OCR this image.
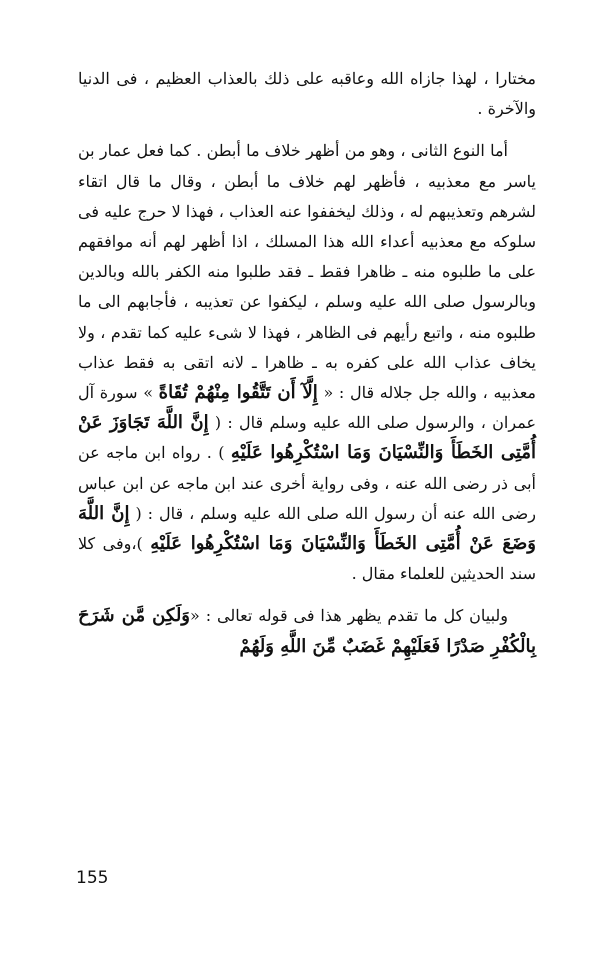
مختارا ، لهذا جازاه الله وعاقبه على ذلك بالعذاب العظيم ، فى الدنيا والآخرة .

أما النوع الثانى ، وهو من أظهر خلاف ما أبطن . كما فعل عمار بن ياسر مع معذبيه ، فأظهر لهم خلاف ما أبطن ، وقال ما قال اتقاء لشرهم وتعذيبهم له ، وذلك ليخففوا عنه العذاب ، فهذا لا حرج عليه فى سلوكه مع معذبيه أعداء الله هذا المسلك ، اذا أظهر لهم أنه موافقهم على ما طلبوه منه ـ ظاهرا فقط ـ فقد طلبوا منه الكفر بالله وبالدين وبالرسول صلى الله عليه وسلم ، ليكفوا عن تعذيبه ، فأجابهم الى ما طلبوه منه ، واتبع رأيهم فى الظاهر ، فهذا لا شىء عليه كما تقدم ، ولا يخاف عذاب الله على كفره به ـ ظاهرا ـ لانه اتقى به فقط عذاب معذبيه ، والله جل جلاله قال : « إِلَّآ أَن تَتَّقُوا مِنْهُمْ تُقَاةً » سورة آل عمران ، والرسول صلى الله عليه وسلم قال : ( إِنَّ اللَّهَ تَجَاوَزَ عَنْ أُمَّتِى الخَطَأَ وَالنِّسْيَانَ وَمَا اسْتُكْرِهُوا عَلَيْهِ ) . رواه ابن ماجه عن أبى ذر رضى الله عنه ، وفى رواية أخرى عند ابن ماجه عن ابن عباس رضى الله عنه أن رسول الله صلى الله عليه وسلم ، قال : ( إِنَّ اللَّهَ وَضَعَ عَنْ أُمَّتِى الخَطَأَ وَالنِّسْيَانَ وَمَا اسْتُكْرِهُوا عَلَيْهِ )،وفى كلا سند الحديثين للعلماء مقال .

ولبيان كل ما تقدم يظهر هذا فى قوله تعالى : «وَلَكِن مَّن شَرَحَ بِالْكُفْرِ صَدْرًا فَعَلَيْهِمْ غَضَبٌ مِّنَ اللَّهِ وَلَهُمْ

155
